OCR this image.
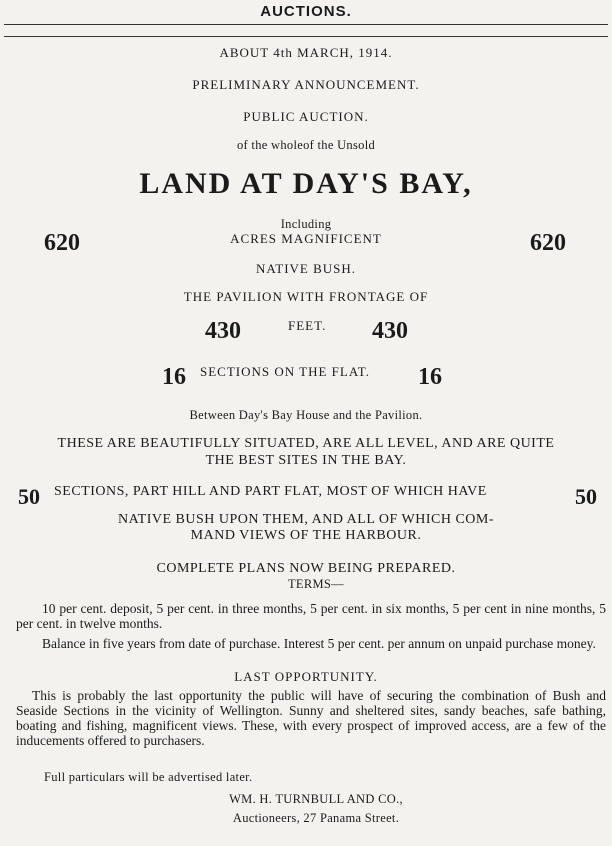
AUCTIONS.
ABOUT 4th MARCH, 1914.
PRELIMINARY ANNOUNCEMENT.
PUBLIC AUCTION.
of the wholeof the Unsold
LAND AT DAY'S BAY,
Including
620	ACRES MAGNIFICENT	620
NATIVE BUSH.
THE PAVILION WITH FRONTAGE OF
430	FEET. 430
16 SECTIONS ON THE FLAT. 16
Between Day's Bay House and the Pavilion.
THESE ARE BEAUTIFULLY SITUATED, ARE ALL LEVEL, AND ARE QUITE
THE BEST SITES IN THE BAY.
50 SECTIONS, PART HILL AND PART FLAT, MOST OF WHICH HAVE	50
NATIVE BUSH UPON THEM, AND ALL OF WHICH COM-
MAND VIEWS OF THE HARBOUR.
COMPLETE PLANS NOW BEING PREPARED.
TERMS—
10 per cent. deposit, 5 per cent. in three months, 5 per cent. in six months, 5 per cent in nine months, 5 per cent. in twelve months.
Balance in five years from date of purchase. Interest 5 per cent. per annum on unpaid purchase money.
LAST OPPORTUNITY.
This is probably the last opportunity the public will have of securing the combination of Bush and Seaside Sections in the vicinity of Wellington. Sunny and sheltered sites, sandy beaches, safe bathing, boating and fishing, magnificent views. These, with every prospect of improved access, are a few of the inducements offered to purchasers.
Full particulars will be advertised later.
WM. H. TURNBULL AND CO.,
Auctioneers, 27 Panama Street.
